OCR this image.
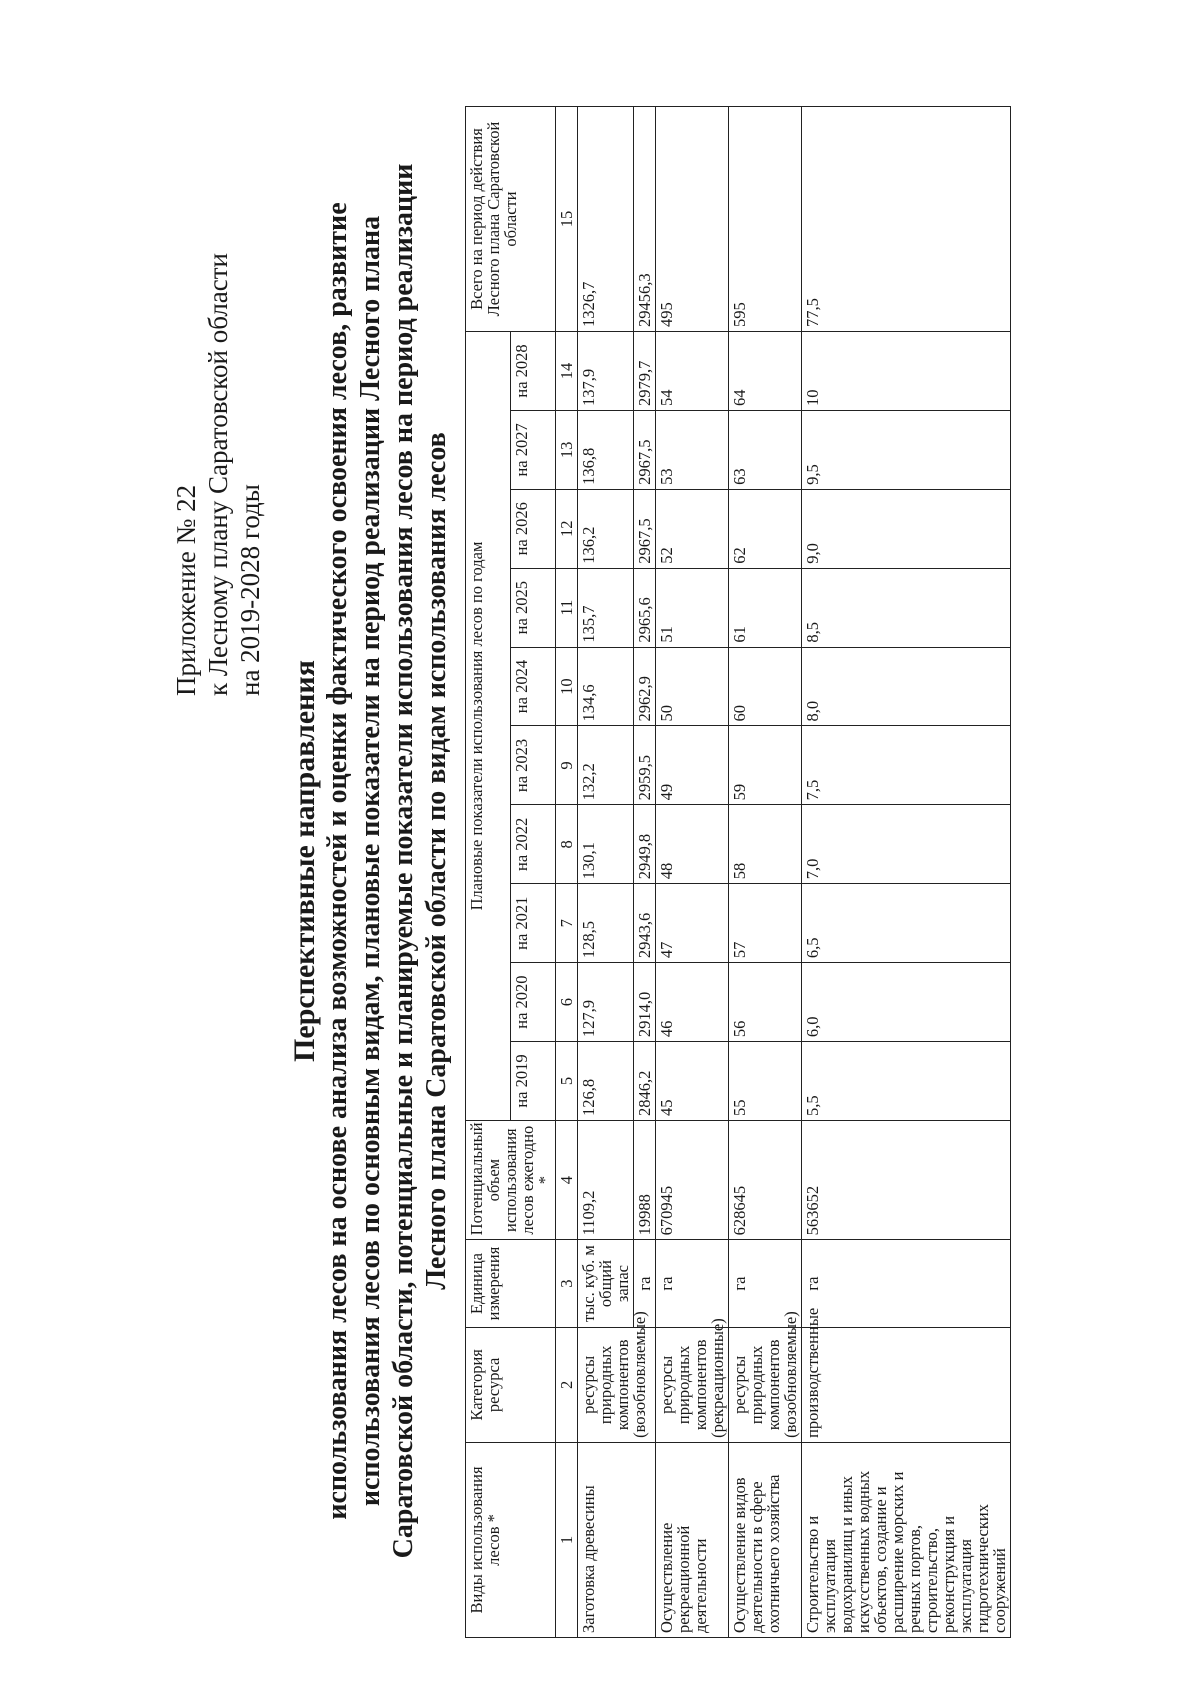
Приложение № 22 к Лесному плану Саратовской области на 2019-2028 годы
Перспективные направления использования лесов на основе анализа возможностей и оценки фактического освоения лесов, развитие использования лесов по основным видам, плановые показатели на период реализации Лесного плана Саратовской области, потенциальные и планируемые показатели использования лесов на период реализации Лесного плана Саратовской области по видам использования лесов
Виды использования лесов *	Категория ресурса	Единица измерения	Потенциальный объем использования лесов ежегодно *	Плановые показатели использования лесов по годам										Всего на период действия Лесного плана Саратовской области
				на 2019	на 2020	на 2021	на 2022	на 2023	на 2024	на 2025	на 2026	на 2027	на 2028	
1	2	3	4	5	6	7	8	9	10	11	12	13	14	15
Заготовка древесины	ресурсы природных компонентов (возобновляемые)	тыс. куб. м общий запас	1109,2	126,8	127,9	128,5	130,1	132,2	134,6	135,7	136,2	136,8	137,9	1326,7
		га	19988	2846,2	2914,0	2943,6	2949,8	2959,5	2962,9	2965,6	2967,5	2967,5	2979,7	29456,3
Осуществление рекреационной деятельности	ресурсы природных компонентов (рекреационные)	га	670945	45	46	47	48	49	50	51	52	53	54	495
Осуществление видов деятельности в сфере охотничьего хозяйства	ресурсы природных компонентов (возобновляемые)	га	628645	55	56	57	58	59	60	61	62	63	64	595
Строительство и эксплуатация водохранилищ и иных искусственных водных объектов, создание и расширение морских и речных портов, строительство, реконструкция и эксплуатация гидротехнических сооружений	производственные	га	563652	5,5	6,0	6,5	7,0	7,5	8,0	8,5	9,0	9,5	10	77,5
